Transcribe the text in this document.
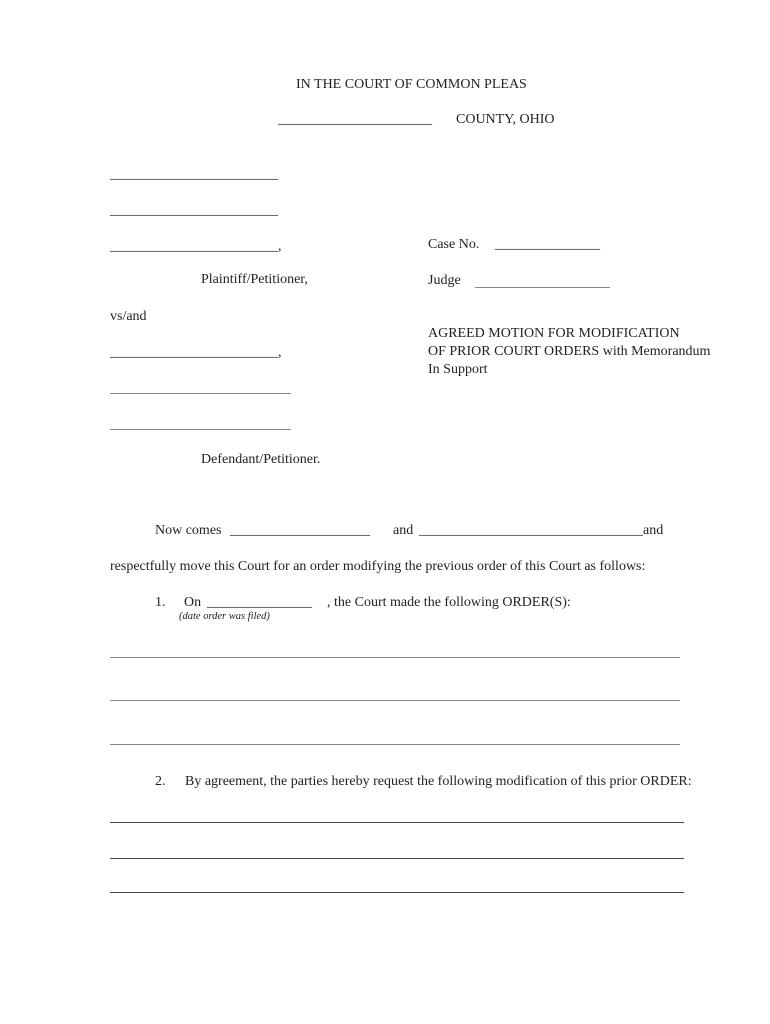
IN THE COURT OF COMMON PLEAS
______________________ COUNTY, OHIO
________________________
________________________
________________________,
Plaintiff/Petitioner,
vs/and
________________________,
Defendant/Petitioner.
Case No. _______________
Judge
AGREED MOTION FOR MODIFICATION
OF PRIOR COURT ORDERS with Memorandum
In Support
Now comes ____________________ and ________________________________and
respectfully move this Court for an order modifying the previous order of this Court as follows:
1. On _______________ , the Court made the following ORDER(S):
(date order was filed)
2. By agreement, the parties hereby request the following modification of this prior ORDER:
